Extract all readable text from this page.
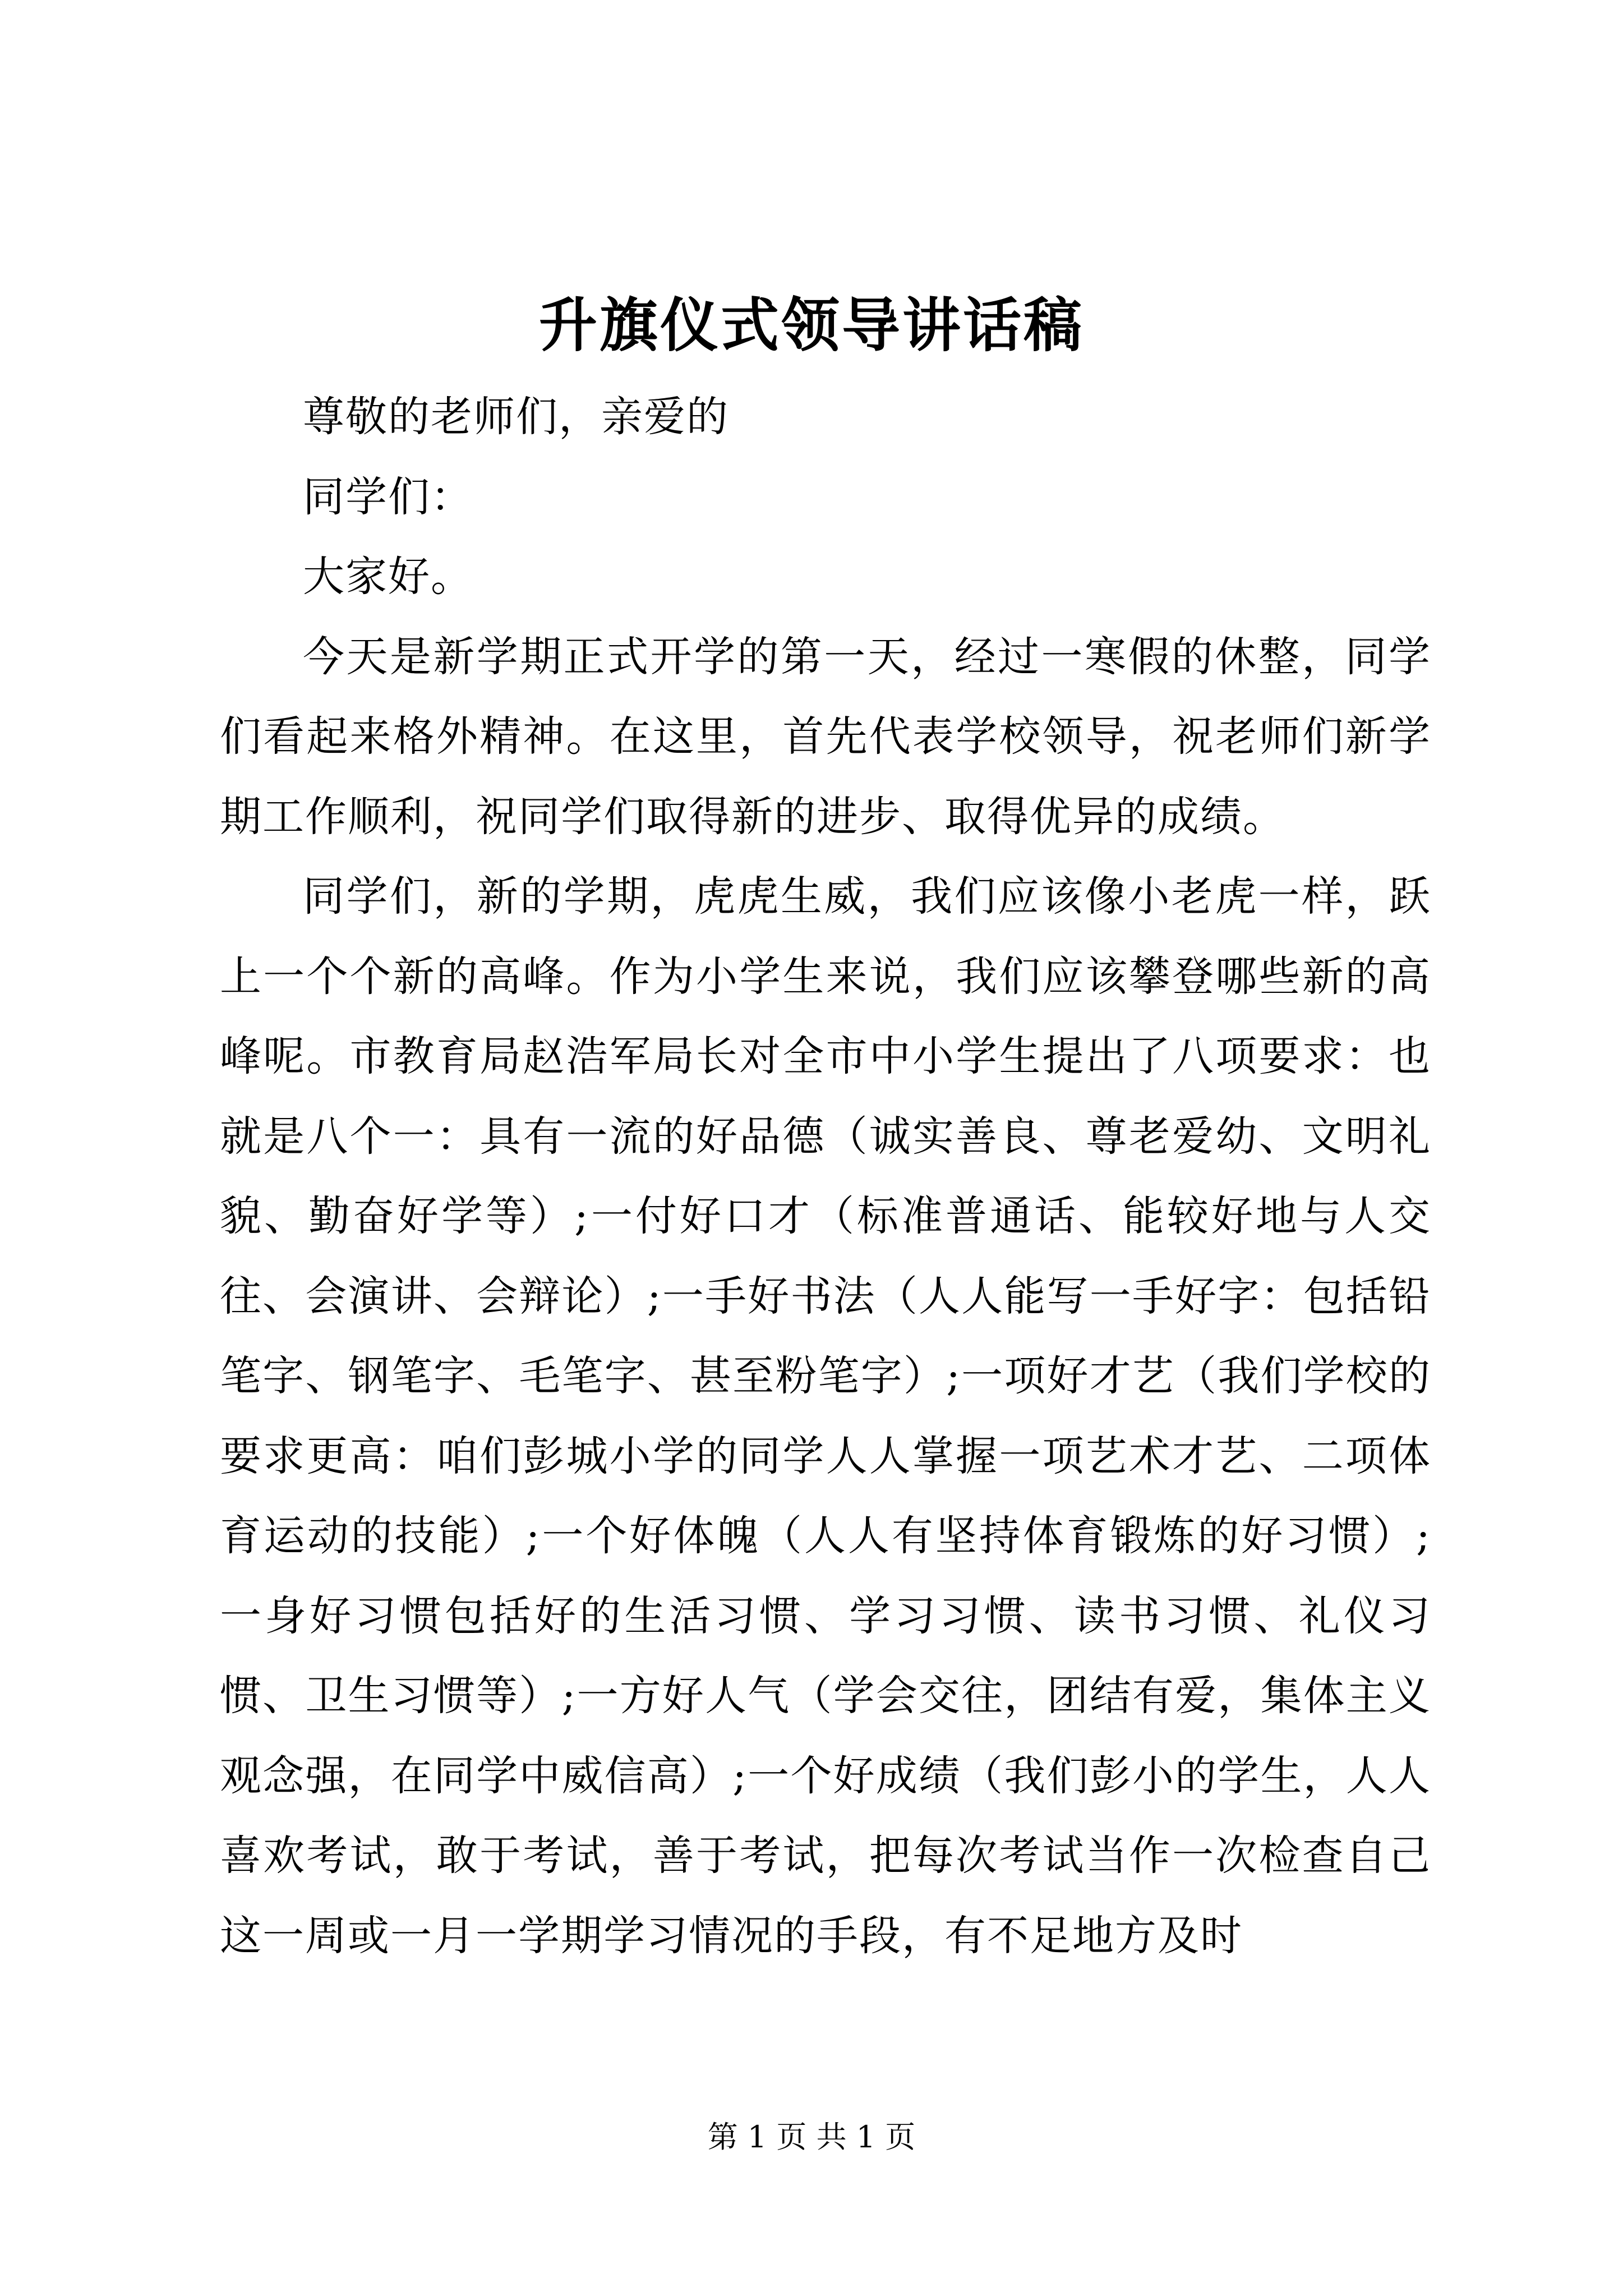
升旗仪式领导讲话稿

尊敬的老师们，亲爱的

同学们：

大家好。

今天是新学期正式开学的第一天，经过一寒假的休整，同学们看起来格外精神。在这里，首先代表学校领导，祝老师们新学期工作顺利，祝同学们取得新的进步、取得优异的成绩。

同学们，新的学期，虎虎生威，我们应该像小老虎一样，跃上一个个新的高峰。作为小学生来说，我们应该攀登哪些新的高峰呢。市教育局赵浩军局长对全市中小学生提出了八项要求：也就是八个一：具有一流的好品德（诚实善良、尊老爱幼、文明礼貌、勤奋好学等）;一付好口才（标准普通话、能较好地与人交往、会演讲、会辩论）;一手好书法（人人能写一手好字：包括铅笔字、钢笔字、毛笔字、甚至粉笔字）;一项好才艺（我们学校的要求更高：咱们彭城小学的同学人人掌握一项艺术才艺、二项体育运动的技能）;一个好体魄（人人有坚持体育锻炼的好习惯）;一身好习惯包括好的生活习惯、学习习惯、读书习惯、礼仪习惯、卫生习惯等）;一方好人气（学会交往，团结有爱，集体主义观念强，在同学中威信高）;一个好成绩（我们彭小的学生，人人喜欢考试，敢于考试，善于考试，把每次考试当作一次检查自己这一周或一月一学期学习情况的手段，有不足地方及时

第 1 页 共 1 页
